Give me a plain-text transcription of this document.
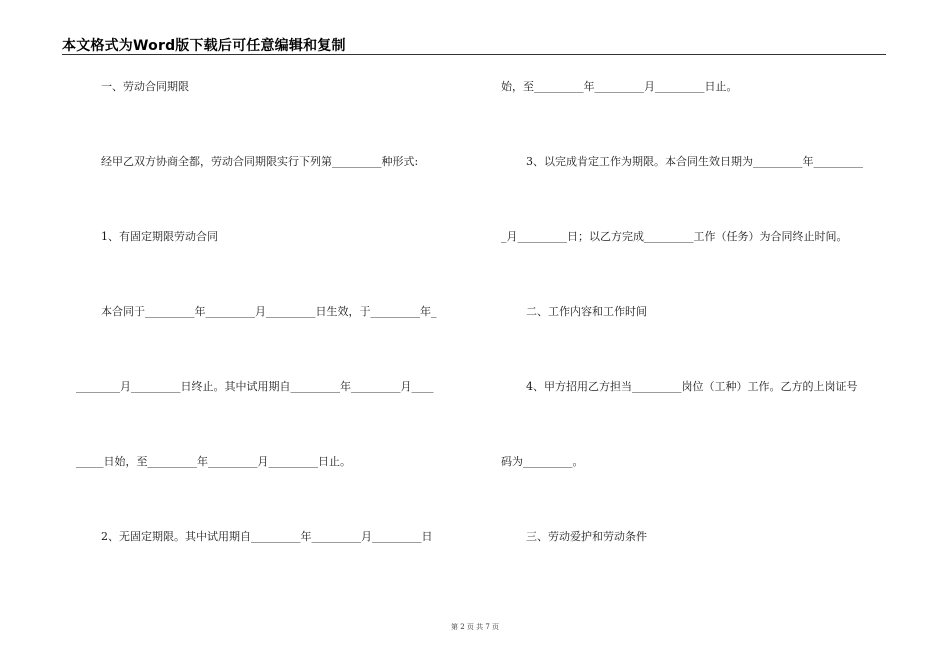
本文格式为Word版下载后可任意编辑和复制
一、劳动合同期限
经甲乙双方协商全都，劳动合同期限实行下列第_________种形式:
1、有固定期限劳动合同
本合同于_________年_________月_________日生效，于_________年_
________月_________日终止。其中试用期自_________年_________月____
_____日始，至_________年_________月_________日止。
2、无固定期限。其中试用期自_________年_________月_________日
始，至_________年_________月_________日止。
3、以完成肯定工作为期限。本合同生效日期为_________年_________
_月_________日；以乙方完成_________工作（任务）为合同终止时间。
二、工作内容和工作时间
4、甲方招用乙方担当_________岗位（工种）工作。乙方的上岗证号
码为_________。
三、劳动爱护和劳动条件
第 2 页 共 7 页
